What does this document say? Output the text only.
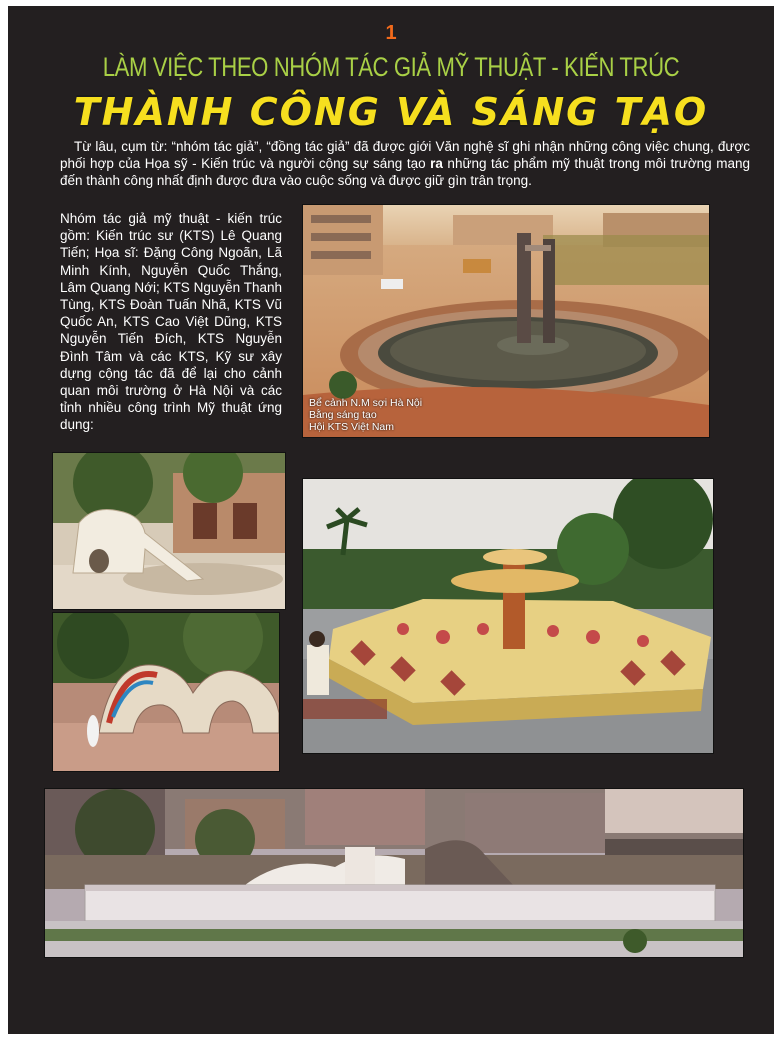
1
LÀM VIỆC THEO NHÓM TÁC GIẢ MỸ THUẬT - KIẾN TRÚC
THÀNH CÔNG VÀ SÁNG TẠO
Từ lâu, cụm từ: “nhóm tác giả”, “đồng tác giả” đã được giới Văn nghệ sĩ ghi nhận những công việc chung, được phối hợp của Họa sỹ - Kiến trúc và người cộng sự sáng tạo ra những tác phẩm mỹ thuật trong môi trường mang đến thành công nhất định được đưa vào cuộc sống và được giữ gìn trân trọng.
Nhóm tác giả mỹ thuật - kiến trúc gồm: Kiến trúc sư (KTS) Lê Quang Tiến; Họa sĩ: Đặng Công Ngoãn, Lã Minh Kính, Nguyễn Quốc Thắng, Lâm Quang Nới; KTS Nguyễn Thanh Tùng, KTS Đoàn Tuấn Nhã, KTS Vũ Quốc An, KTS Cao Việt Dũng, KTS Nguyễn Tiến Đích, KTS Nguyễn Đình Tâm và các KTS, Kỹ sư xây dựng cộng tác đã để lại cho cảnh quan môi trường ở Hà Nội và các tỉnh nhiều công trình Mỹ thuật ứng dụng:
Bể cảnh N.M sợi Hà Nội
Bằng sáng tạo
Hội KTS Việt Nam
